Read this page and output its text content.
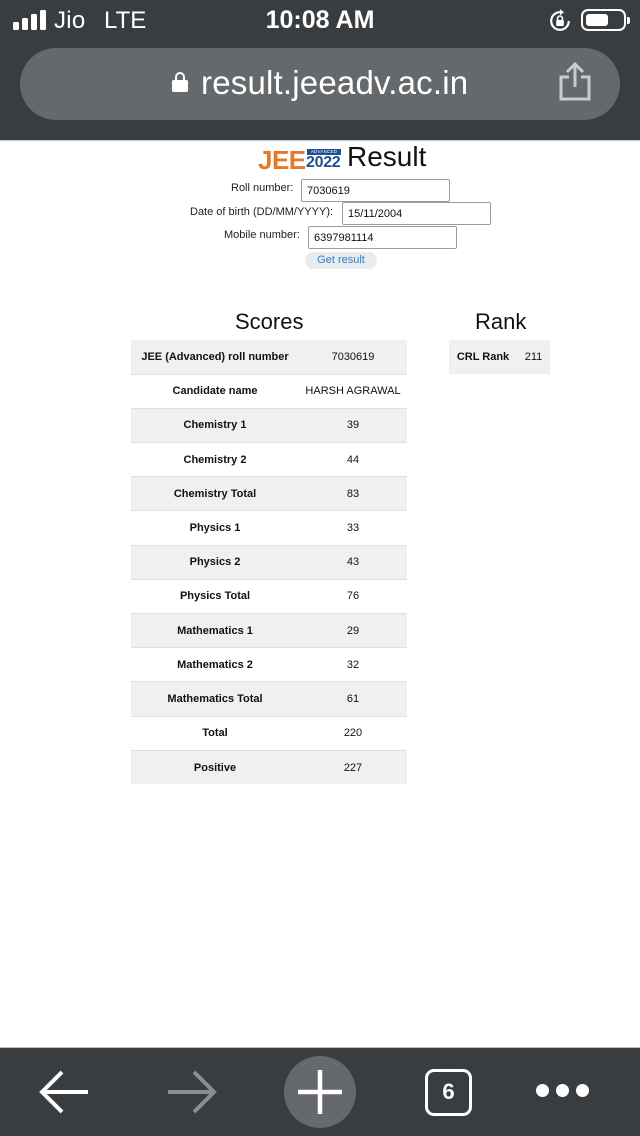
Jio LTE	10:08 AM
result.jeeadv.ac.in
JEE	ADVANCED
2022 Result
Roll number:
7030619
Date of birth (DD/MM/YYYY):
15/11/2004
Mobile number:
6397981114
Get result
Scores
JEE (Advanced) roll number	7030619
Candidate name	HARSH AGRAWAL
Chemistry 1	39
Chemistry 2	44
Chemistry Total	83
Physics 1	33
Physics 2	43
Physics Total	76
Mathematics 1	29
Mathematics 2	32
Mathematics Total	61
Total	220
Positive	227
Rank
CRL Rank	211
6
